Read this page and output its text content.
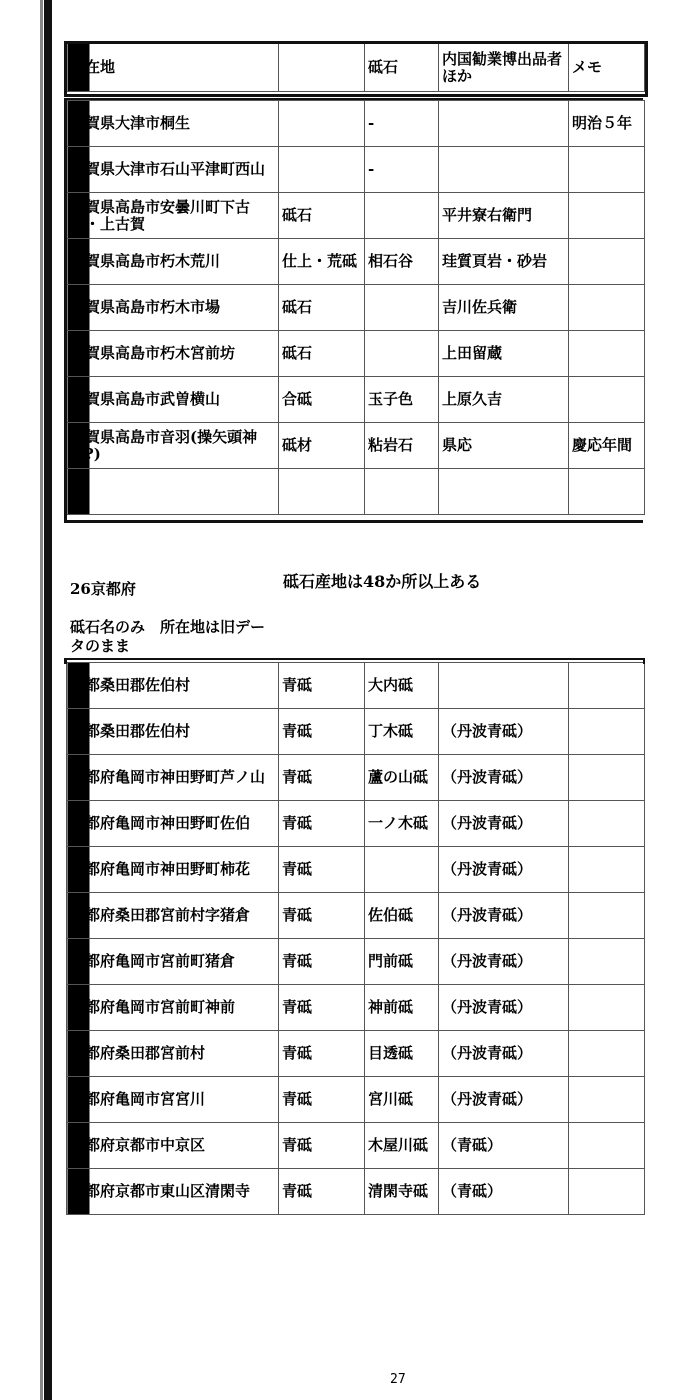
所在地		砥石	内国勧業博出品者ほか	メモ
滋賀県大津市桐生		-		明治５年
滋賀県大津市石山平津町西山		-		
滋賀県高島市安曇川町下古賀・上古賀	砥石		平井寮右衛門	
滋賀県高島市朽木荒川	仕上・荒砥	相石谷	珪質頁岩・砂岩	
滋賀県高島市朽木市場	砥石		吉川佐兵衛	
滋賀県高島市朽木宮前坊	砥石		上田留蔵	
滋賀県高島市武曽横山	合砥	玉子色	上原久吉	
滋賀県高島市音羽(操矢頭神山?)	砥材	粘岩石	県応	慶応年間

26京都府	砥石産地は48か所以上ある
砥石名のみ　所在地は旧データのまま
京都桑田郡佐伯村	青砥	大内砥		
京都桑田郡佐伯村	青砥	丁木砥	（丹波青砥）	
京都府亀岡市神田野町芦ノ山	青砥	蘆の山砥	（丹波青砥）	
京都府亀岡市神田野町佐伯	青砥	一ノ木砥	（丹波青砥）	
京都府亀岡市神田野町柿花	青砥		（丹波青砥）	
京都府桑田郡宮前村字猪倉	青砥	佐伯砥	（丹波青砥）	
京都府亀岡市宮前町猪倉	青砥	門前砥	（丹波青砥）	
京都府亀岡市宮前町神前	青砥	神前砥	（丹波青砥）	
京都府桑田郡宮前村	青砥	目透砥	（丹波青砥）	
京都府亀岡市宮宮川	青砥	宮川砥	（丹波青砥）	
京都府京都市中京区	青砥	木屋川砥	（青砥）	
京都府京都市東山区清閑寺	青砥	清閑寺砥	（青砥）	
27
